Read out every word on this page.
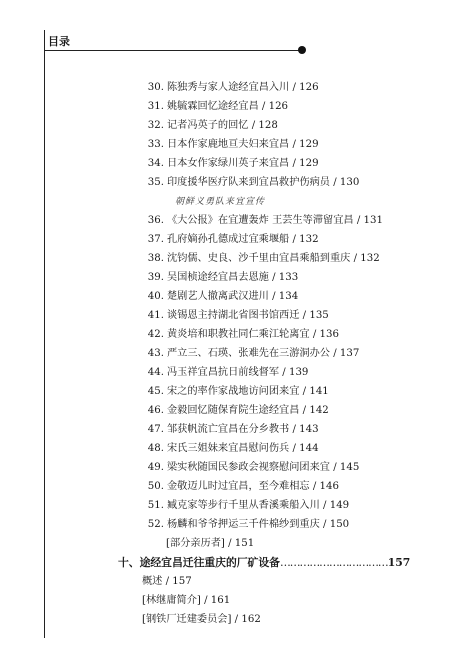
目录
30. 陈独秀与家人途经宜昌入川 / 126
31. 姚毓霖回忆途经宜昌 / 126
32. 记者冯英子的回忆 / 128
33. 日本作家鹿地亘夫妇来宜昌 / 129
34. 日本女作家绿川英子来宜昌 / 129
35. 印度援华医疗队来到宜昌救护伤病员 / 130
朝鲜义勇队来宜宣传
36. 《大公报》在宜遭轰炸 王芸生等滞留宜昌 / 131
37. 孔府嫡孙孔德成过宜乘堰船 / 132
38. 沈钧儒、史良、沙千里由宜昌乘船到重庆 / 132
39. 吴国桢途经宜昌去恩施 / 133
40. 楚剧艺人撤离武汉进川 / 134
41. 谈锡恩主持湖北省图书馆西迁 / 135
42. 黄炎培和职教社同仁乘江轮离宜 / 136
43. 严立三、石瑛、张难先在三游洞办公 / 137
44. 冯玉祥宜昌抗日前线督军 / 139
45. 宋之的率作家战地访问团来宜 / 141
46. 金毅回忆随保育院生途经宜昌 / 142
47. 邹获帆流亡宜昌在分乡教书 / 143
48. 宋氏三姐妹来宜昌慰问伤兵 / 144
49. 梁实秋随国民参政会视察慰问团来宜 / 145
50. 金敬迈儿时过宜昌，至今难相忘 / 146
51. 臧克家等步行千里从香溪乘船入川 / 149
52. 杨麟和爷爷押运三千件棉纱到重庆 / 150
[部分亲历者] / 151
十、途经宜昌迁往重庆的厂矿设备……………………………157
概述 / 157
[林继庸简介] / 161
[钢铁厂迁建委员会] / 162
